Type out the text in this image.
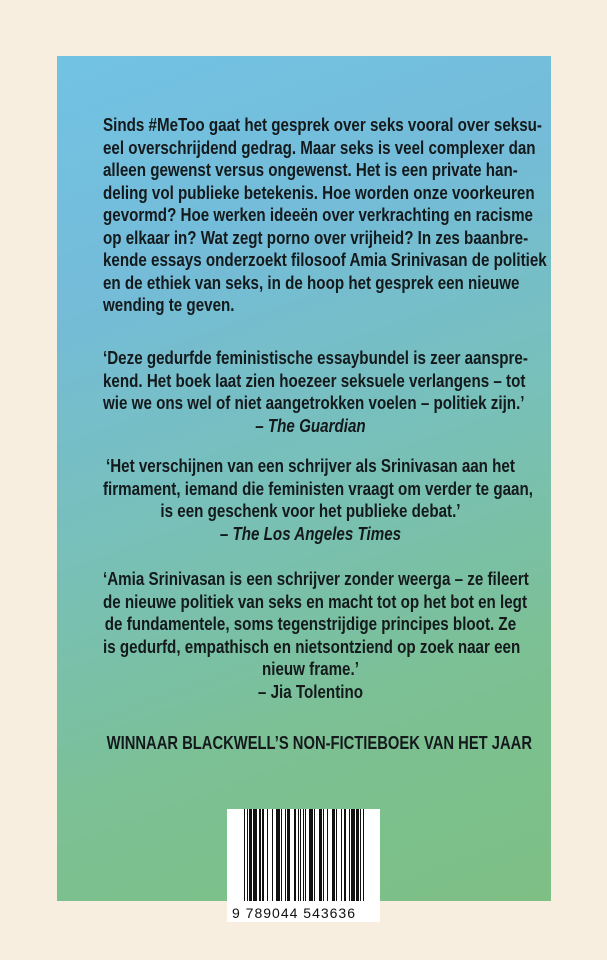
Sinds #MeToo gaat het gesprek over seks vooral over seksu-
eel overschrijdend gedrag. Maar seks is veel complexer dan
alleen gewenst versus ongewenst. Het is een private han-
deling vol publieke betekenis. Hoe worden onze voorkeuren
gevormd? Hoe werken ideeën over verkrachting en racisme
op elkaar in? Wat zegt porno over vrijheid? In zes baanbre-
kende essays onderzoekt filosoof Amia Srinivasan de politiek
en de ethiek van seks, in de hoop het gesprek een nieuwe
wending te geven.
‘Deze gedurfde feministische essaybundel is zeer aanspre-
kend. Het boek laat zien hoezeer seksuele verlangens – tot
wie we ons wel of niet aangetrokken voelen – politiek zijn.’
– The Guardian
‘Het verschijnen van een schrijver als Srinivasan aan het
firmament, iemand die feministen vraagt om verder te gaan,
is een geschenk voor het publieke debat.’
– The Los Angeles Times
‘Amia Srinivasan is een schrijver zonder weerga – ze fileert
de nieuwe politiek van seks en macht tot op het bot en legt
de fundamentele, soms tegenstrijdige principes bloot. Ze
is gedurfd, empathisch en nietsontziend op zoek naar een
nieuw frame.’
– Jia Tolentino
WINNAAR BLACKWELL’S NON-FICTIEBOEK VAN HET JAAR
9 789044 543636
